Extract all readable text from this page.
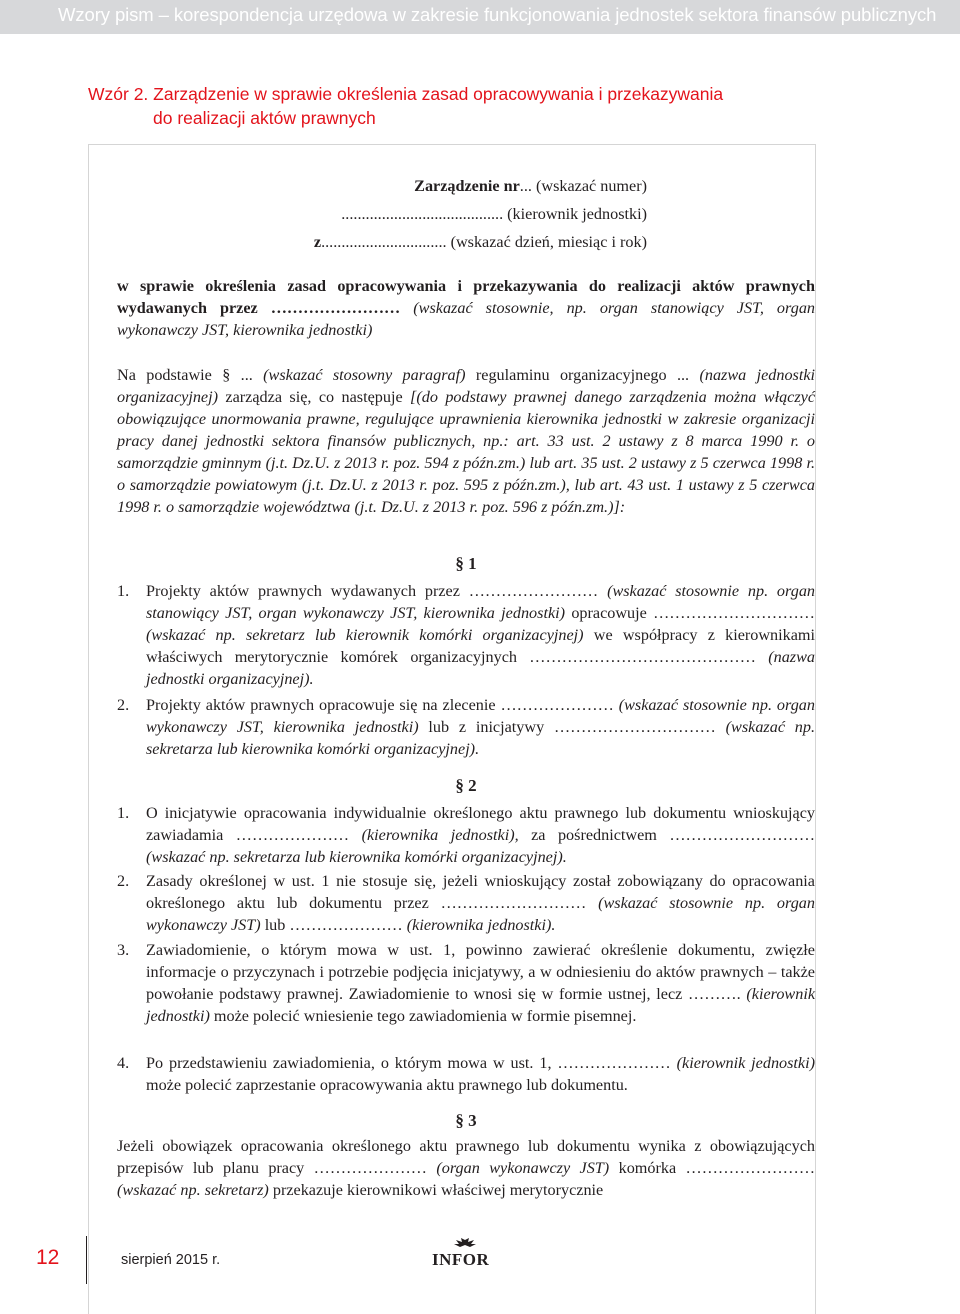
Wzory pism – korespondencja urzędowa w zakresie funkcjonowania jednostek sektora finansów publicznych
Wzór 2. Zarządzenie w sprawie określenia zasad opracowywania i przekazywania
do realizacji aktów prawnych
Zarządzenie nr... (wskazać numer)
........................................ (kierownik jednostki)
z............................... (wskazać dzień, miesiąc i rok)
w sprawie określenia zasad opracowywania i przekazywania do realizacji aktów prawnych wydawanych przez …………………… (wskazać stosownie, np. organ stanowiący JST, organ wykonawczy JST, kierownika jednostki)
Na podstawie § ... (wskazać stosowny paragraf) regulaminu organizacyjnego ... (nazwa jednostki organizacyjnej) zarządza się, co następuje [(do podstawy prawnej danego zarządzenia można włączyć obowiązujące unormowania prawne, regulujące uprawnienia kierownika jednostki w zakresie organizacji pracy danej jednostki sektora finansów publicznych, np.: art. 33 ust. 2 ustawy z 8 marca 1990 r. o samorządzie gminnym (j.t. Dz.U. z 2013 r. poz. 594 z późn.zm.) lub art. 35 ust. 2 ustawy z 5 czerwca 1998 r. o samorządzie powiatowym (j.t. Dz.U. z 2013 r. poz. 595 z późn.zm.), lub art. 43 ust. 1 ustawy z 5 czerwca 1998 r. o samorządzie województwa (j.t. Dz.U. z 2013 r. poz. 596 z późn.zm.)]:
§ 1
1. Projekty aktów prawnych wydawanych przez …………………… (wskazać stosownie np. organ stanowiący JST, organ wykonawczy JST, kierownika jednostki) opracowuje ………………………… (wskazać np. sekretarz lub kierownik komórki organizacyjnej) we współpracy z kierownikami właściwych merytorycznie komórek organizacyjnych …………………………………… (nazwa jednostki organizacyjnej).
2. Projekty aktów prawnych opracowuje się na zlecenie ………………… (wskazać stosownie np. organ wykonawczy JST, kierownika jednostki) lub z inicjatywy ………………………… (wskazać np. sekretarza lub kierownika komórki organizacyjnej).
§ 2
1. O inicjatywie opracowania indywidualnie określonego aktu prawnego lub dokumentu wnioskujący zawiadamia ………………… (kierownika jednostki), za pośrednictwem ……………………… (wskazać np. sekretarza lub kierownika komórki organizacyjnej).
2. Zasady określonej w ust. 1 nie stosuje się, jeżeli wnioskujący został zobowiązany do opracowania określonego aktu lub dokumentu przez ……………………… (wskazać stosownie np. organ wykonawczy JST) lub ………………… (kierownika jednostki).
3. Zawiadomienie, o którym mowa w ust. 1, powinno zawierać określenie dokumentu, zwięzłe informacje o przyczynach i potrzebie podjęcia inicjatywy, a w odniesieniu do aktów prawnych – także powołanie podstawy prawnej. Zawiadomienie to wnosi się w formie ustnej, lecz ………. (kierownik jednostki) może polecić wniesienie tego zawiadomienia w formie pisemnej.
4. Po przedstawieniu zawiadomienia, o którym mowa w ust. 1, ………………… (kierownik jednostki) może polecić zaprzestanie opracowywania aktu prawnego lub dokumentu.
§ 3
Jeżeli obowiązek opracowania określonego aktu prawnego lub dokumentu wynika z obowiązujących przepisów lub planu pracy ………………… (organ wykonawczy JST) komórka …………………… (wskazać np. sekretarz) przekazuje kierownikowi właściwej merytorycznie
12	sierpień 2015 r.	INFOR
